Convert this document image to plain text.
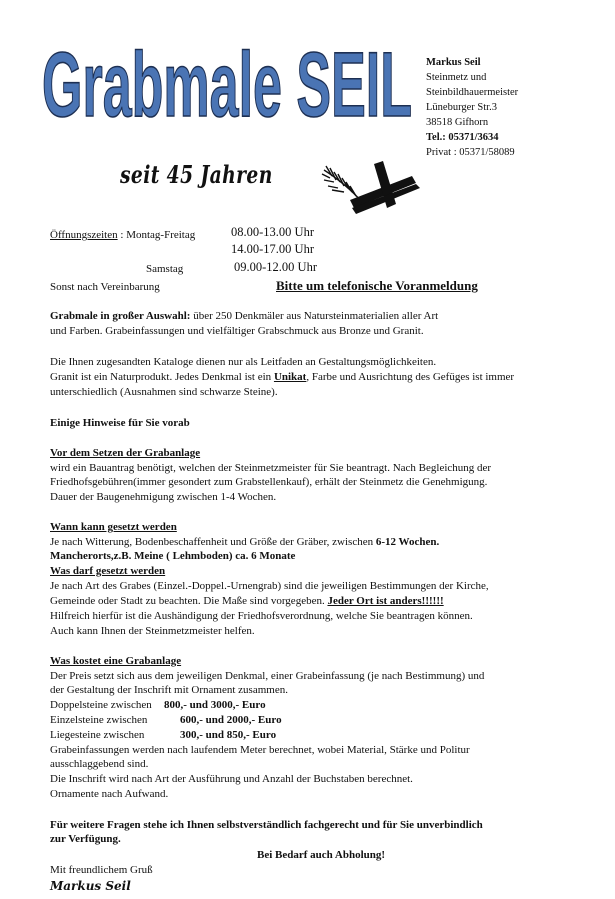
Grabmale SEIL Markus Seil
Steinmetz und
Steinbildhauermeister
Lüneburger Str.3
38518 Gifhorn
Tel.: 05371/3634
Privat : 05371/58089
seit 45 Jahren
Öffnungszeiten : Montag-Freitag	08.00-13.00 Uhr
14.00-17.00 Uhr
Samstag	09.00-12.00 Uhr
Sonst nach Vereinbarung	Bitte um telefonische Voranmeldung
Grabmale in großer Auswahl: über 250 Denkmäler aus Natursteinmaterialien aller Art
und Farben. Grabeinfassungen und vielfältiger Grabschmuck aus Bronze und Granit.
Die Ihnen zugesandten Kataloge dienen nur als Leitfaden an Gestaltungsmöglichkeiten.
Granit ist ein Naturprodukt. Jedes Denkmal ist ein Unikat, Farbe und Ausrichtung des Gefüges ist immer
unterschiedlich (Ausnahmen sind schwarze Steine).
Einige Hinweise für Sie vorab
Vor dem Setzen der Grabanlage
wird ein Bauantrag benötigt, welchen der Steinmetzmeister für Sie beantragt. Nach Begleichung der
Friedhofsgebühren(immer gesondert zum Grabstellenkauf), erhält der Steinmetz die Genehmigung.
Dauer der Baugenehmigung zwischen 1-4 Wochen.
Wann kann gesetzt werden
Je nach Witterung, Bodenbeschaffenheit und Größe der Gräber, zwischen 6-12 Wochen.
Mancherorts,z.B. Meine ( Lehmboden) ca. 6 Monate
Was darf gesetzt werden
Je nach Art des Grabes (Einzel.-Doppel.-Urnengrab) sind die jeweiligen Bestimmungen der Kirche,
Gemeinde oder Stadt zu beachten. Die Maße sind vorgegeben. Jeder Ort ist anders!!!!!!
Hilfreich hierfür ist die Aushändigung der Friedhofsverordnung, welche Sie beantragen können.
Auch kann Ihnen der Steinmetzmeister helfen.
Was kostet eine Grabanlage
Der Preis setzt sich aus dem jeweiligen Denkmal, einer Grabeinfassung (je nach Bestimmung) und
der Gestaltung der Inschrift mit Ornament zusammen.
Doppelsteine zwischen 800,- und 3000,- Euro
Einzelsteine zwischen	600,- und 2000,- Euro
Liegesteine zwischen	300,- und 850,- Euro
Grabeinfassungen werden nach laufendem Meter berechnet, wobei Material, Stärke und Politur
ausschlaggebend sind.
Die Inschrift wird nach Art der Ausführung und Anzahl der Buchstaben berechnet.
Ornamente nach Aufwand.
Für weitere Fragen stehe ich Ihnen selbstverständlich fachgerecht und für Sie unverbindlich
zur Verfügung.
Bei Bedarf auch Abholung!
Mit freundlichem Gruß
Markus Seil
